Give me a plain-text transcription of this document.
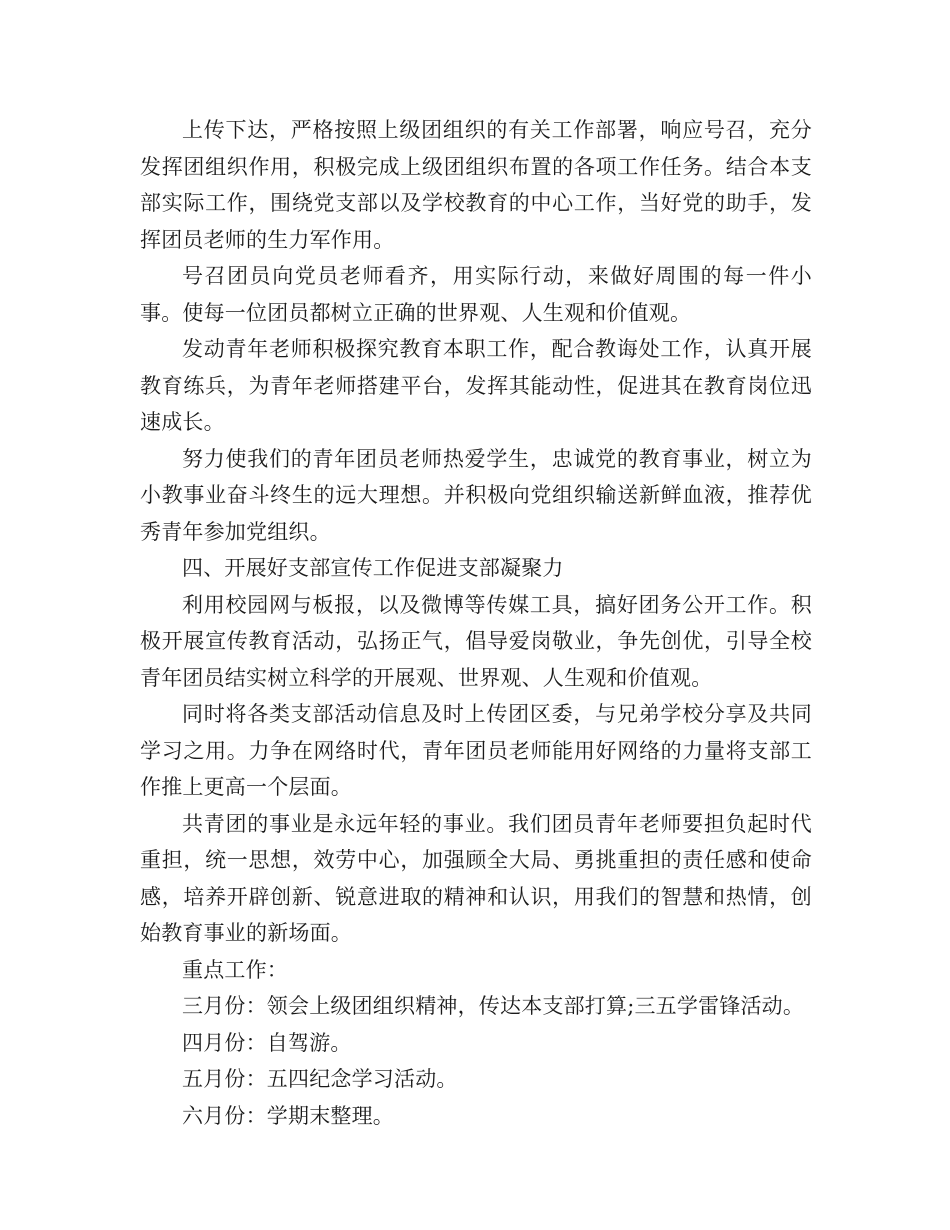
上传下达，严格按照上级团组织的有关工作部署，响应号召，充分发挥团组织作用，积极完成上级团组织布置的各项工作任务。结合本支部实际工作，围绕党支部以及学校教育的中心工作，当好党的助手，发挥团员老师的生力军作用。

号召团员向党员老师看齐，用实际行动，来做好周围的每一件小事。使每一位团员都树立正确的世界观、人生观和价值观。

发动青年老师积极探究教育本职工作，配合教诲处工作，认真开展教育练兵，为青年老师搭建平台，发挥其能动性，促进其在教育岗位迅速成长。

努力使我们的青年团员老师热爱学生，忠诚党的教育事业，树立为小教事业奋斗终生的远大理想。并积极向党组织输送新鲜血液，推荐优秀青年参加党组织。

四、开展好支部宣传工作促进支部凝聚力

利用校园网与板报，以及微博等传媒工具，搞好团务公开工作。积极开展宣传教育活动，弘扬正气，倡导爱岗敬业，争先创优，引导全校青年团员结实树立科学的开展观、世界观、人生观和价值观。

同时将各类支部活动信息及时上传团区委，与兄弟学校分享及共同学习之用。力争在网络时代，青年团员老师能用好网络的力量将支部工作推上更高一个层面。

共青团的事业是永远年轻的事业。我们团员青年老师要担负起时代重担，统一思想，效劳中心，加强顾全大局、勇挑重担的责任感和使命感，培养开辟创新、锐意进取的精神和认识，用我们的智慧和热情，创始教育事业的新场面。

重点工作：

三月份：领会上级团组织精神，传达本支部打算;三五学雷锋活动。

四月份：自驾游。

五月份：五四纪念学习活动。

六月份：学期末整理。
